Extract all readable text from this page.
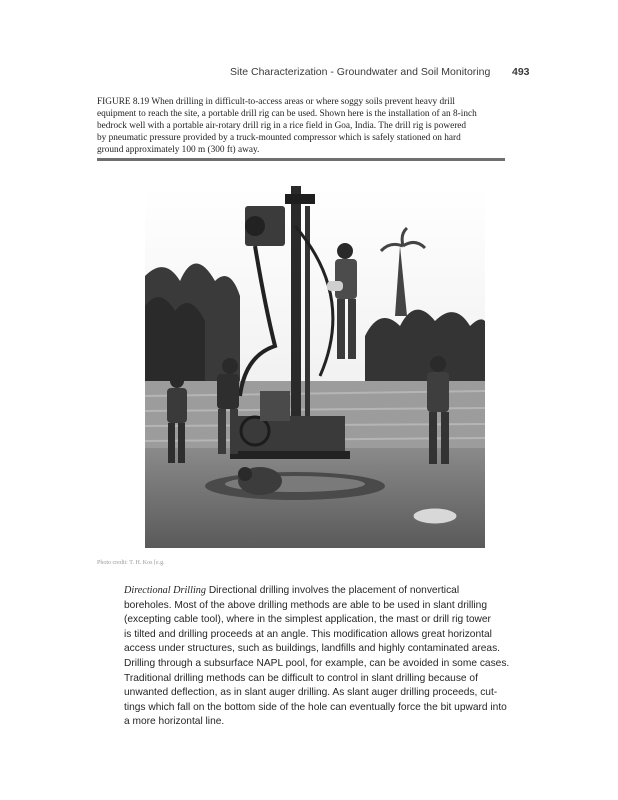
Site Characterization - Groundwater and Soil Monitoring 493
FIGURE 8.19 When drilling in difficult-to-access areas or where soggy soils prevent heavy drill
equipment to reach the site, a portable drill rig can be used. Shown here is the installation of an 8-inch
bedrock well with a portable air-rotary drill rig in a rice field in Goa, India. The drill rig is powered
by pneumatic pressure provided by a truck-mounted compressor which is safely stationed on hard
ground approximately 100 m (300 ft) away.
Photo credit: T. H. Kos [e.g.
Directional Drilling Directional drilling involves the placement of nonvertical
boreholes. Most of the above drilling methods are able to be used in slant drilling
(excepting cable tool), where in the simplest application, the mast or drill rig tower
is tilted and drilling proceeds at an angle. This modification allows great horizontal
access under structures, such as buildings, landfills and highly contaminated areas.
Drilling through a subsurface NAPL pool, for example, can be avoided in some cases.
Traditional drilling methods can be difficult to control in slant drilling because of
unwanted deflection, as in slant auger drilling. As slant auger drilling proceeds, cut-
tings which fall on the bottom side of the hole can eventually force the bit upward into
a more horizontal line.
